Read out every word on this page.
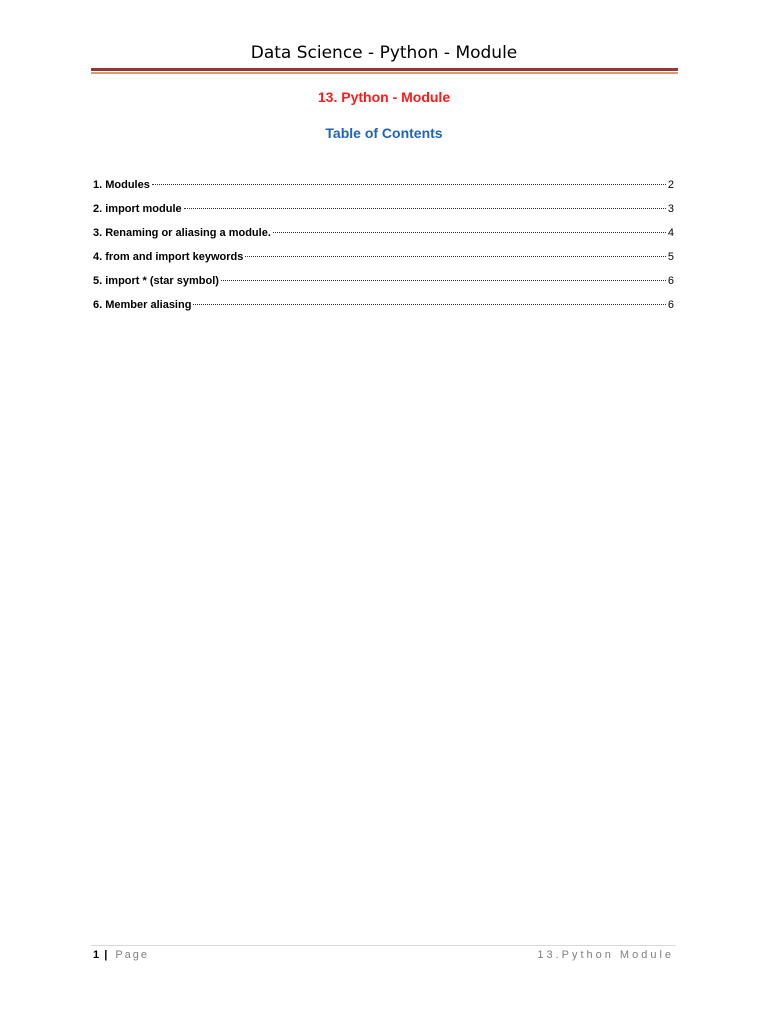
Data Science - Python - Module
13. Python - Module
Table of Contents
1. Modules	2
2. import module	3
3. Renaming or aliasing a module.	4
4. from and import keywords	5
5. import * (star symbol)	6
6. Member aliasing	6
1 | Page	13.Python Module
